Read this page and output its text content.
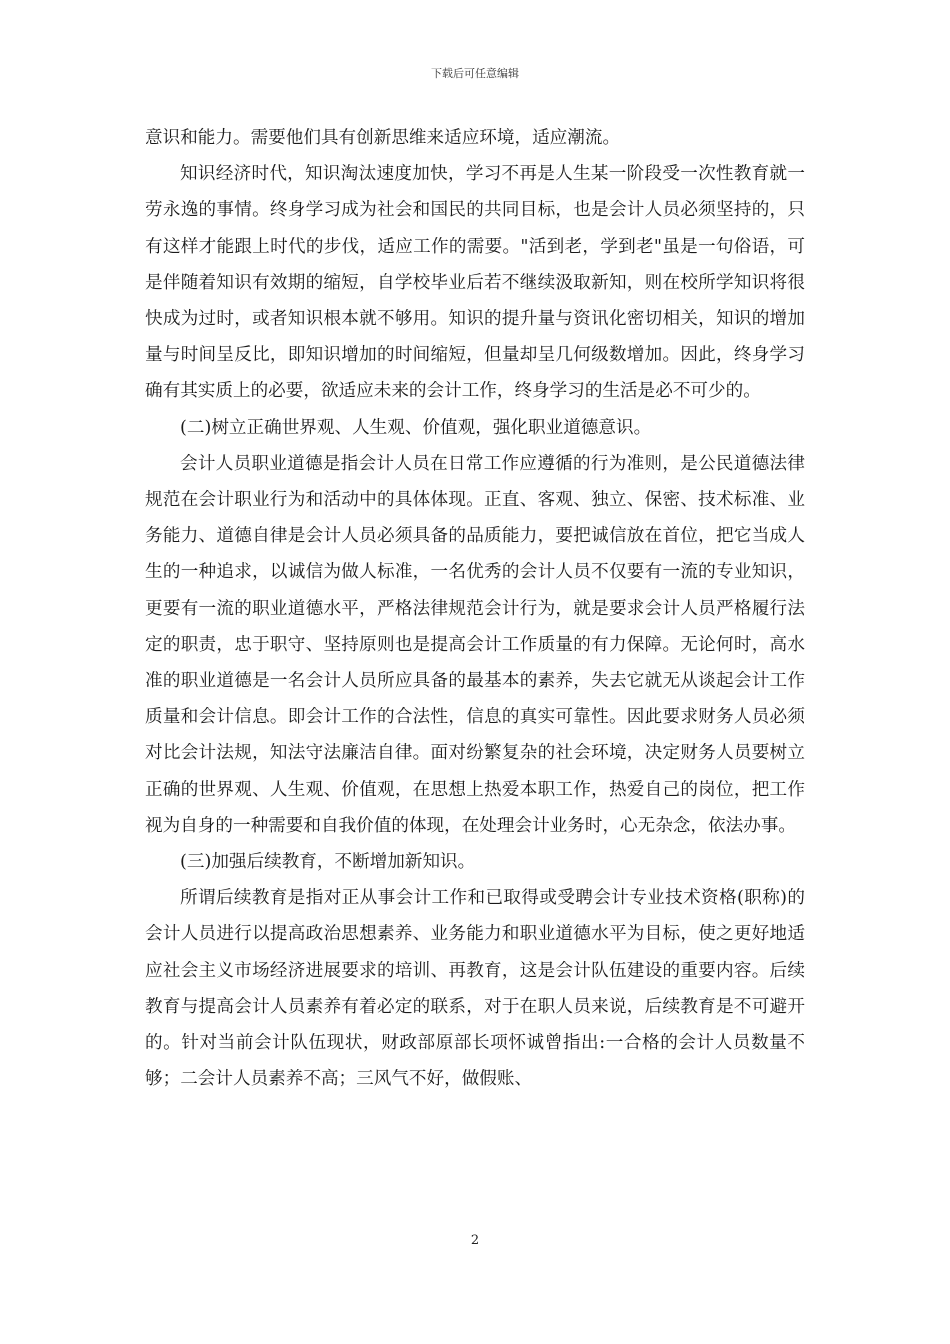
下载后可任意编辑

意识和能力。需要他们具有创新思维来适应环境，适应潮流。

知识经济时代，知识淘汰速度加快，学习不再是人生某一阶段受一次性教育就一劳永逸的事情。终身学习成为社会和国民的共同目标，也是会计人员必须坚持的，只有这样才能跟上时代的步伐，适应工作的需要。"活到老，学到老"虽是一句俗语，可是伴随着知识有效期的缩短，自学校毕业后若不继续汲取新知，则在校所学知识将很快成为过时，或者知识根本就不够用。知识的提升量与资讯化密切相关，知识的增加量与时间呈反比，即知识增加的时间缩短，但量却呈几何级数增加。因此，终身学习确有其实质上的必要，欲适应未来的会计工作，终身学习的生活是必不可少的。

(二)树立正确世界观、人生观、价值观，强化职业道德意识。

会计人员职业道德是指会计人员在日常工作应遵循的行为准则，是公民道德法律规范在会计职业行为和活动中的具体体现。正直、客观、独立、保密、技术标准、业务能力、道德自律是会计人员必须具备的品质能力，要把诚信放在首位，把它当成人生的一种追求，以诚信为做人标准，一名优秀的会计人员不仅要有一流的专业知识，更要有一流的职业道德水平，严格法律规范会计行为，就是要求会计人员严格履行法定的职责，忠于职守、坚持原则也是提高会计工作质量的有力保障。无论何时，高水准的职业道德是一名会计人员所应具备的最基本的素养，失去它就无从谈起会计工作质量和会计信息。即会计工作的合法性，信息的真实可靠性。因此要求财务人员必须对比会计法规，知法守法廉洁自律。面对纷繁复杂的社会环境，决定财务人员要树立正确的世界观、人生观、价值观，在思想上热爱本职工作，热爱自己的岗位，把工作视为自身的一种需要和自我价值的体现，在处理会计业务时，心无杂念，依法办事。

(三)加强后续教育，不断增加新知识。

所谓后续教育是指对正从事会计工作和已取得或受聘会计专业技术资格(职称)的会计人员进行以提高政治思想素养、业务能力和职业道德水平为目标，使之更好地适应社会主义市场经济进展要求的培训、再教育，这是会计队伍建设的重要内容。后续教育与提高会计人员素养有着必定的联系，对于在职人员来说，后续教育是不可避开的。针对当前会计队伍现状，财政部原部长项怀诚曾指出:一合格的会计人员数量不够；二会计人员素养不高；三风气不好，做假账、

2
